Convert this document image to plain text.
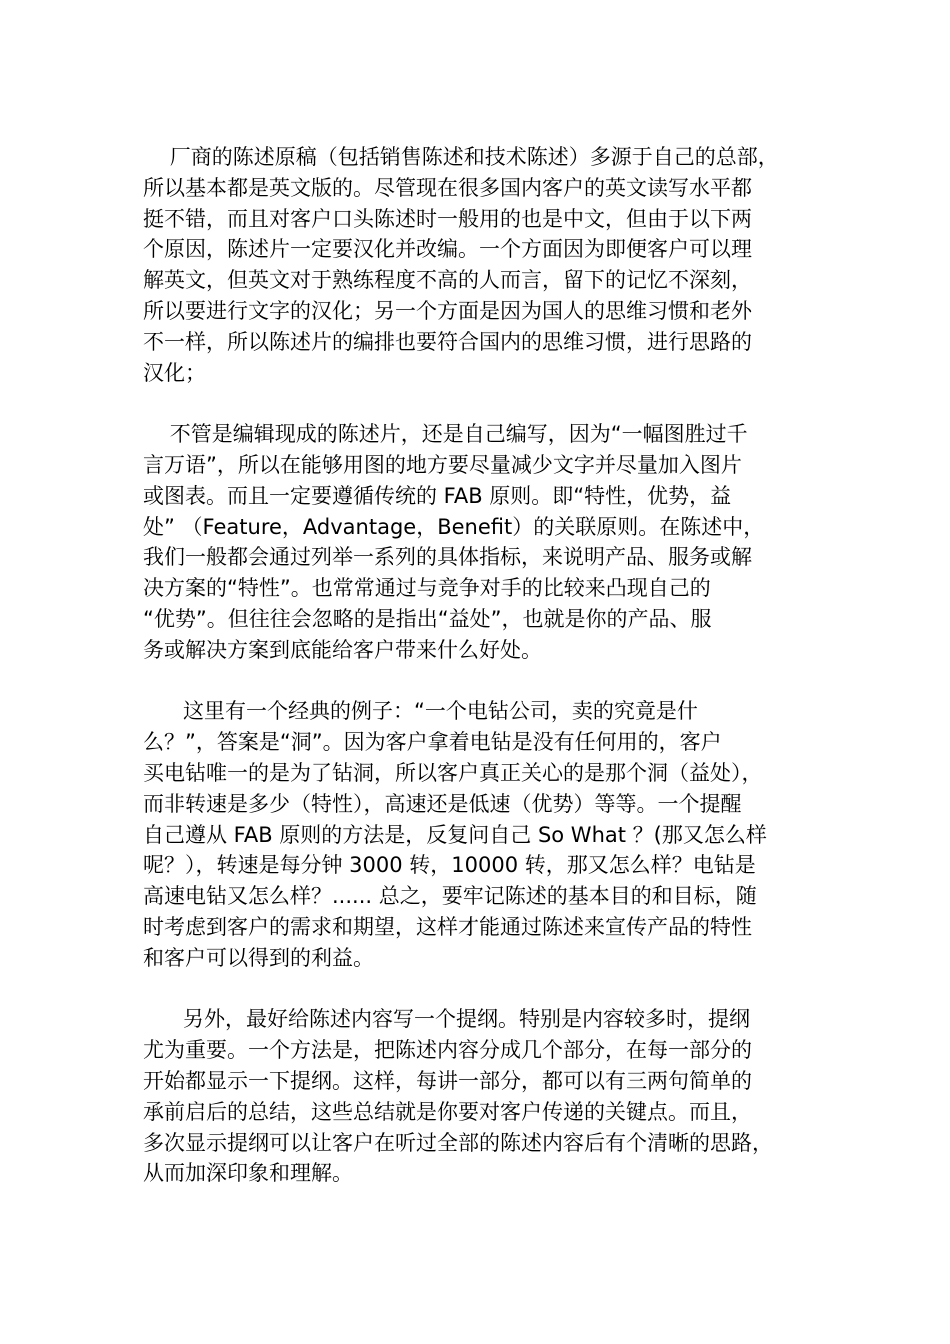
厂商的陈述原稿（包括销售陈述和技术陈述）多源于自己的总部，
所以基本都是英文版的。尽管现在很多国内客户的英文读写水平都
挺不错，而且对客户口头陈述时一般用的也是中文，但由于以下两
个原因，陈述片一定要汉化并改编。一个方面因为即便客户可以理
解英文，但英文对于熟练程度不高的人而言，留下的记忆不深刻，
所以要进行文字的汉化；另一个方面是因为国人的思维习惯和老外
不一样，所以陈述片的编排也要符合国内的思维习惯，进行思路的
汉化；

不管是编辑现成的陈述片，还是自己编写，因为“一幅图胜过千
言万语”，所以在能够用图的地方要尽量减少文字并尽量加入图片
或图表。而且一定要遵循传统的 FAB 原则。即“特性，优势，益
处” （Feature，Advantage，Benefit）的关联原则。在陈述中，
我们一般都会通过列举一系列的具体指标，来说明产品、服务或解
决方案的“特性”。也常常通过与竞争对手的比较来凸现自己的
“优势”。但往往会忽略的是指出“益处”，也就是你的产品、服
务或解决方案到底能给客户带来什么好处。

这里有一个经典的例子：“一个电钻公司，卖的究竟是什
么？”，答案是“洞”。因为客户拿着电钻是没有任何用的，客户
买电钻唯一的是为了钻洞，所以客户真正关心的是那个洞（益处），
而非转速是多少（特性），高速还是低速（优势）等等。一个提醒
自己遵从 FAB 原则的方法是，反复问自己 So What ？(那又怎么样
呢？），转速是每分钟 3000 转，10000 转，那又怎么样？电钻是
高速电钻又怎么样？...... 总之，要牢记陈述的基本目的和目标，随
时考虑到客户的需求和期望，这样才能通过陈述来宣传产品的特性
和客户可以得到的利益。

另外，最好给陈述内容写一个提纲。特别是内容较多时，提纲
尤为重要。一个方法是，把陈述内容分成几个部分，在每一部分的
开始都显示一下提纲。这样，每讲一部分，都可以有三两句简单的
承前启后的总结，这些总结就是你要对客户传递的关键点。而且，
多次显示提纲可以让客户在听过全部的陈述内容后有个清晰的思路，
从而加深印象和理解。
